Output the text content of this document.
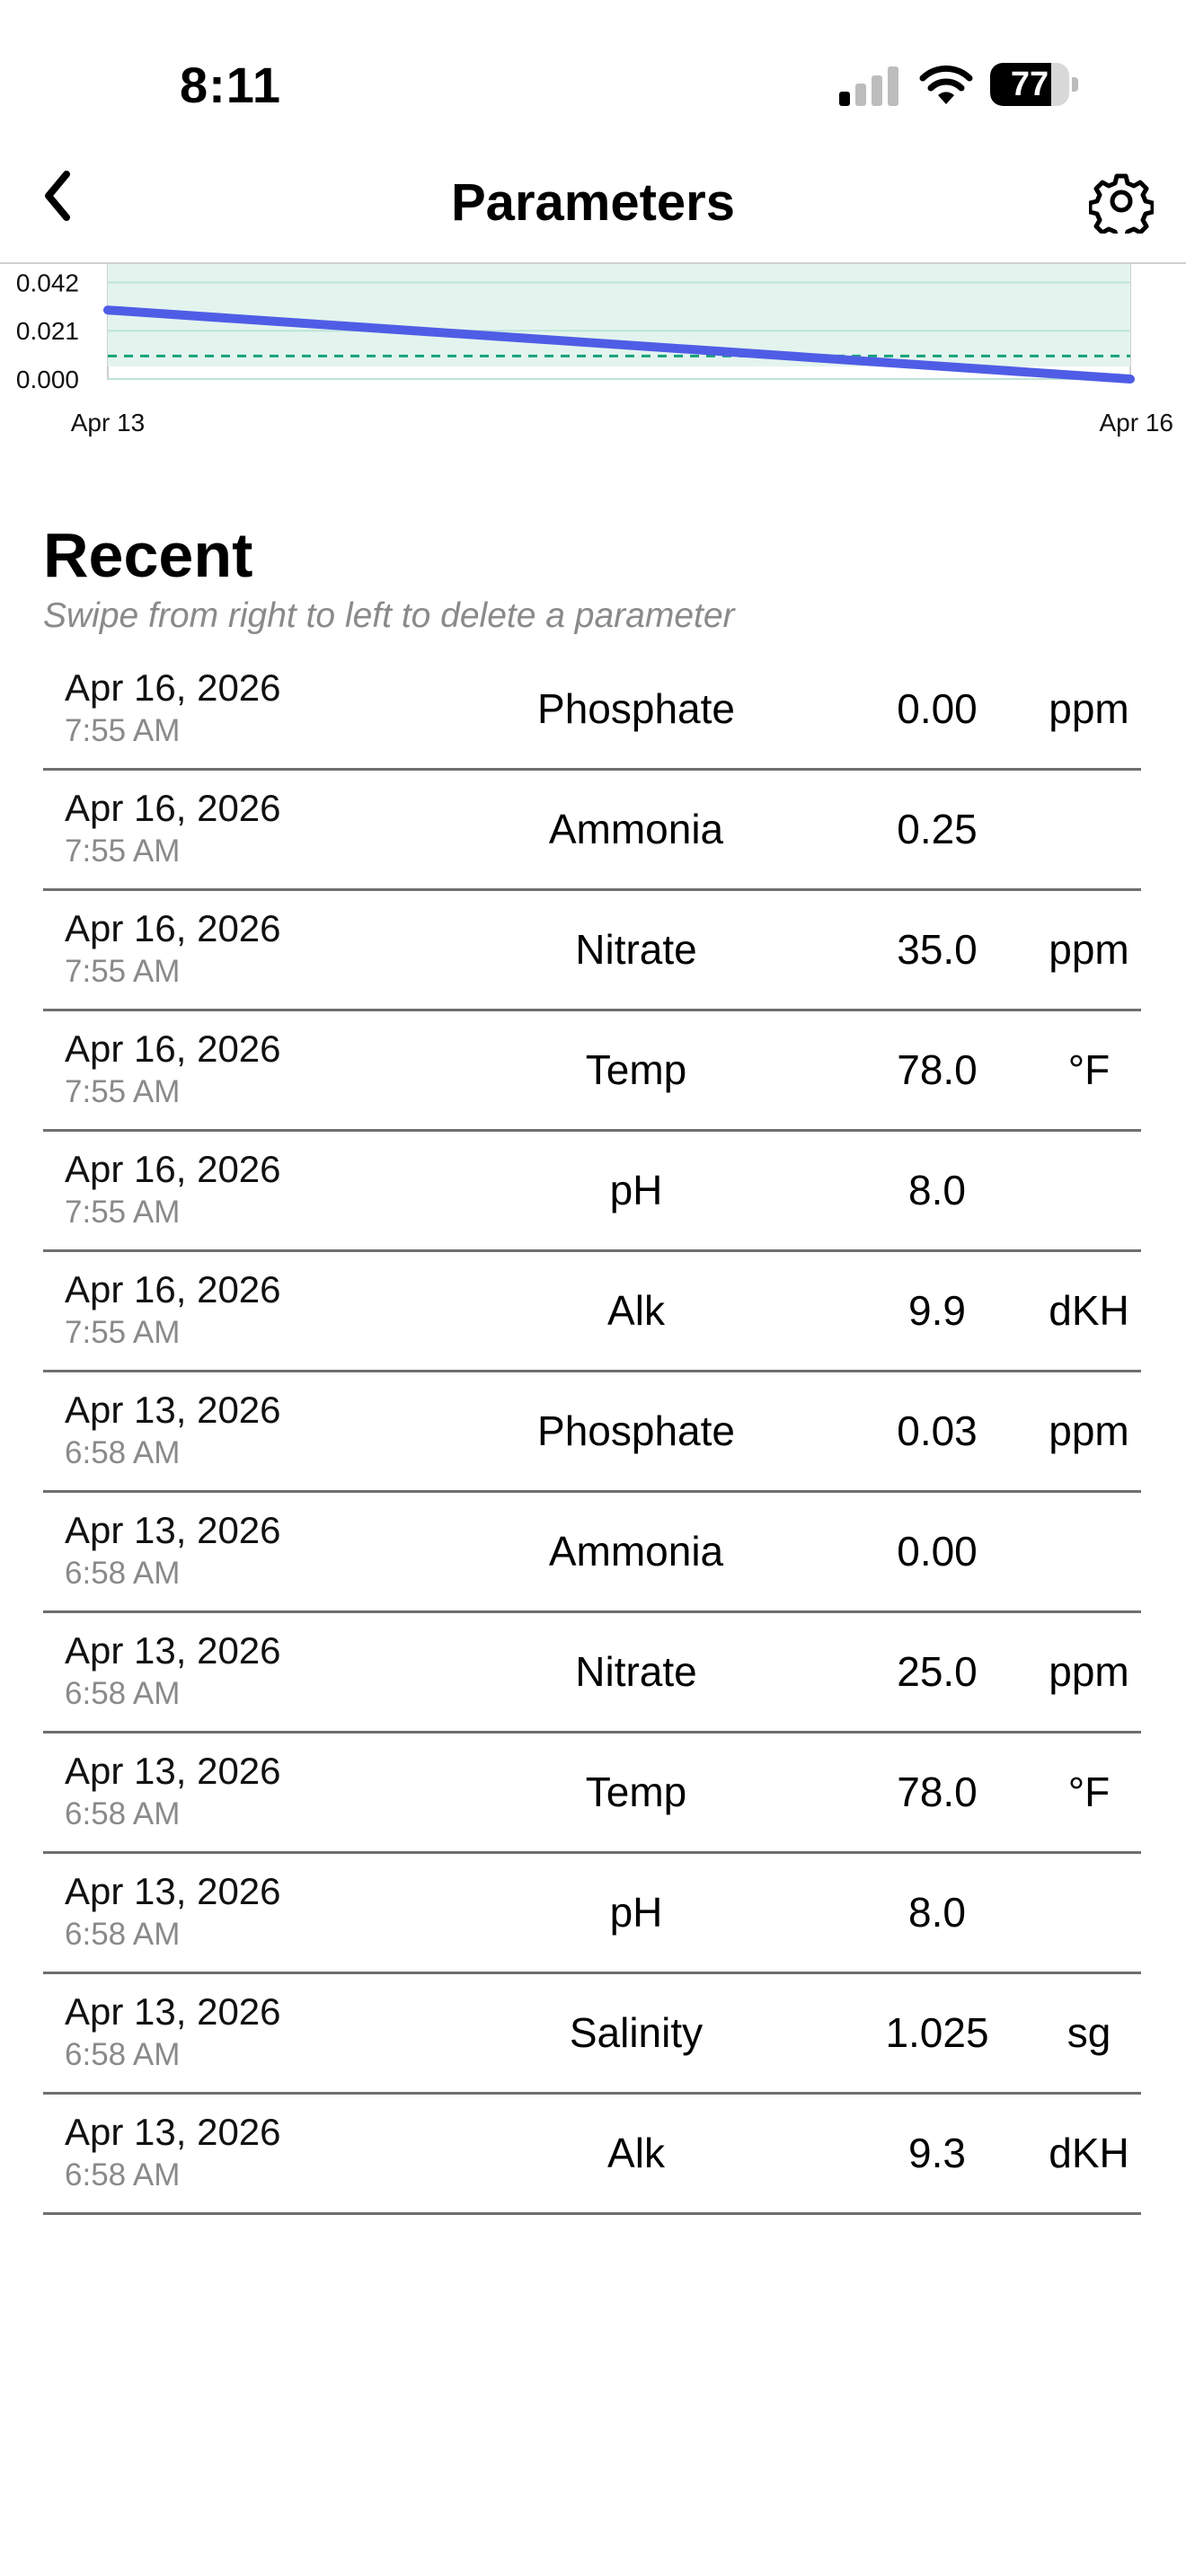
8:11	77
Parameters
0.042
0.021
0.000
Apr 13	Apr 16
Recent
Swipe from right to left to delete a parameter
Apr 16, 2026
7:55 AM	Phosphate	0.00	ppm
Apr 16, 2026
7:55 AM	Ammonia	0.25
Apr 16, 2026
7:55 AM	Nitrate	35.0	ppm
Apr 16, 2026
7:55 AM	Temp	78.0	°F
Apr 16, 2026
7:55 AM	pH	8.0
Apr 16, 2026
7:55 AM	Alk	9.9	dKH
Apr 13, 2026
6:58 AM	Phosphate	0.03	ppm
Apr 13, 2026
6:58 AM	Ammonia	0.00
Apr 13, 2026
6:58 AM	Nitrate	25.0	ppm
Apr 13, 2026
6:58 AM	Temp	78.0	°F
Apr 13, 2026
6:58 AM	pH	8.0
Apr 13, 2026
6:58 AM	Salinity	1.025	sg
Apr 13, 2026
6:58 AM	Alk	9.3	dKH
